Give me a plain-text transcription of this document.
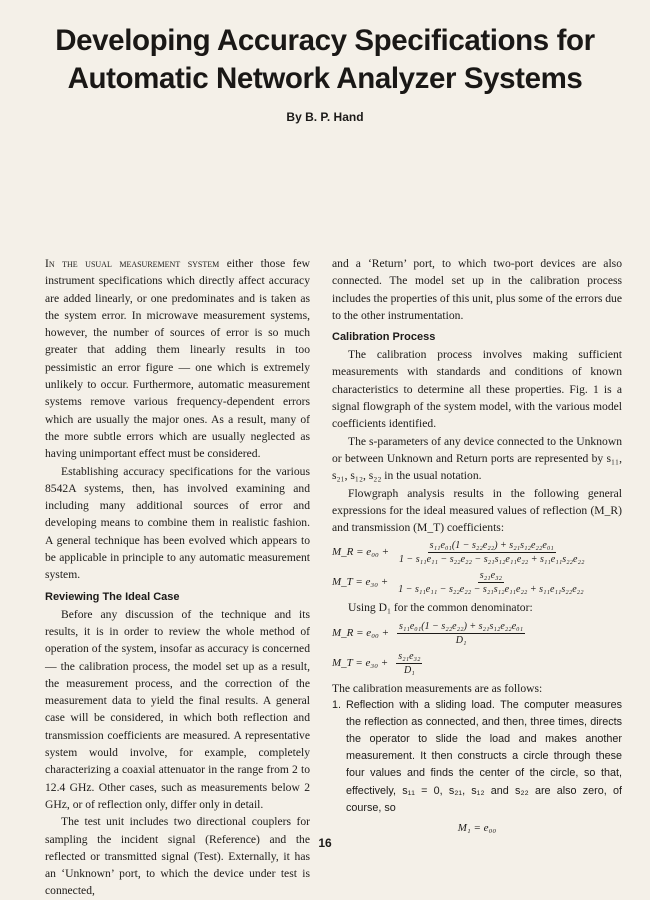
Developing Accuracy Specifications for
Automatic Network Analyzer Systems
By B. P. Hand

In the usual measurement system either those few instrument specifications which directly affect accuracy are added linearly, or one predominates and is taken as the system error. In microwave measurement systems, however, the number of sources of error is so much greater that adding them linearly results in too pessimistic an error figure — one which is extremely unlikely to occur. Furthermore, automatic measurement systems remove various frequency-dependent errors which are usually the major ones. As a result, many of the more subtle errors which are usually neglected as having unimportant effect must be considered.

Establishing accuracy specifications for the various 8542A systems, then, has involved examining and including many additional sources of error and developing means to combine them in realistic fashion. A general technique has been evolved which appears to be applicable in principle to any automatic measurement system.

Reviewing The Ideal Case

Before any discussion of the technique and its results, it is in order to review the whole method of operation of the system, insofar as accuracy is concerned — the calibration process, the model set up as a result, the measurement process, and the correction of the measurement data to yield the final results. A general case will be considered, in which both reflection and transmission coefficients are measured. A representative system would involve, for example, completely characterizing a coaxial attenuator in the range from 2 to 12.4 GHz. Other cases, such as measurements below 2 GHz, or of reflection only, differ only in detail.

The test unit includes two directional couplers for sampling the incident signal (Reference) and the reflected or transmitted signal (Test). Externally, it has an ‘Unknown’ port, to which the device under test is connected,

and a ‘Return’ port, to which two-port devices are also connected. The model set up in the calibration process includes the properties of this unit, plus some of the errors due to the other instrumentation.

Calibration Process

The calibration process involves making sufficient measurements with standards and conditions of known characteristics to determine all these properties. Fig. 1 is a signal flowgraph of the system model, with the various model coefficients identified.

The s-parameters of any device connected to the Unknown or between Unknown and Return ports are represented by s₁₁, s₂₁, s₁₂, s₂₂ in the usual notation.

Flowgraph analysis results in the following general expressions for the ideal measured values of reflection (M_R) and transmission (M_T) coefficients:

M_R = $e_{00} + \frac{\text{s₁₁e₀₁(1 − s₂₂e₂₂) + s₂₁s₁₂e₂₂e₀₁}}{\text{1 − s₁₁e₁₁ − s₂₂e₂₂ − s₂₁s₁₂e₁₁e₂₂ + s₁₁e₁₁s₂₂e₂₂}}$
M_T = $e_{30} + \frac{\text{s₂₁e₃₂}}{\text{1 − s₁₁e₁₁ − s₂₂e₂₂ − s₂₁s₁₂e₁₁e₂₂ + s₁₁e₁₁s₂₂e₂₂}}$

Using D₁ for the common denominator:

M_R = $e_{00} + \frac{\text{s₁₁e₀₁(1 − s₂₂e₂₂) + s₂₁s₁₂e₂₂e₀₁}}{\text{D₁}}$
M_T = $e_{30} + \frac{\text{s₂₁e₃₂}}{\text{D₁}}$

The calibration measurements are as follows:

1. Reflection with a sliding load. The computer measures the reflection as connected, and then, three times, directs the operator to slide the load and makes another measurement. It then constructs a circle through these four values and finds the center of the circle, so that, effectively, s₁₁ = 0, s₂₁, s₁₂ and s₂₂ are also zero, of course, so
M₁ = e₀₀
16
